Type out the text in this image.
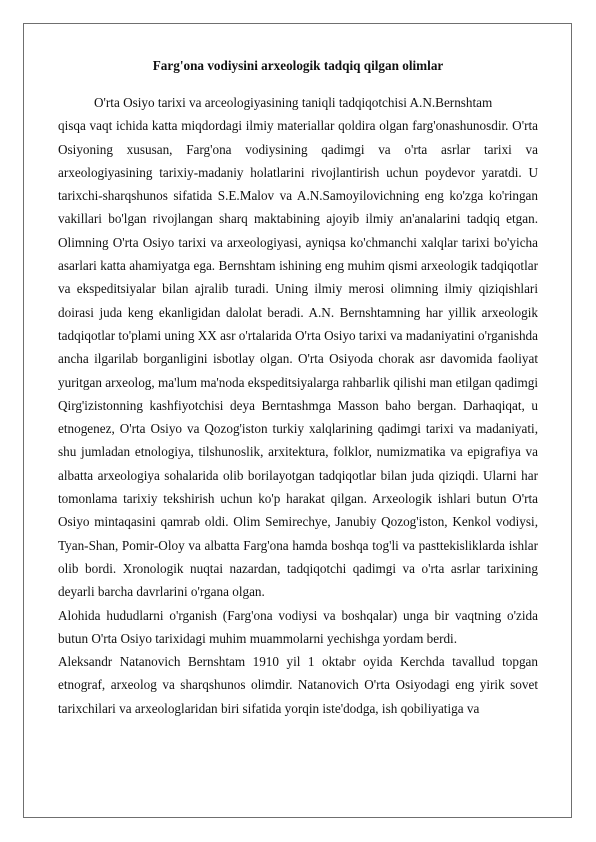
Farg'ona vodiysini arxeologik tadqiq qilgan olimlar

O'rta Osiyo tarixi va arceologiyasining taniqli tadqiqotchisi A.N.Bernshtam

qisqa vaqt ichida katta miqdordagi ilmiy materiallar qoldira olgan farg'onashunosdir. O'rta Osiyoning xususan, Farg'ona vodiysining qadimgi va o'rta asrlar tarixi va arxeologiyasining tarixiy-madaniy holatlarini rivojlantirish uchun poydevor yaratdi. U tarixchi-sharqshunos sifatida S.E.Malov va A.N.Samoyilovichning eng ko'zga ko'ringan vakillari bo'lgan rivojlangan sharq maktabining ajoyib ilmiy an'analarini tadqiq etgan. Olimning O'rta Osiyo tarixi va arxeologiyasi, ayniqsa ko'chmanchi xalqlar tarixi bo'yicha asarlari katta ahamiyatga ega. Bernshtam ishining eng muhim qismi arxeologik tadqiqotlar va ekspeditsiyalar bilan ajralib turadi. Uning ilmiy merosi olimning ilmiy qiziqishlari doirasi juda keng ekanligidan dalolat beradi. A.N. Bernshtamning har yillik arxeologik tadqiqotlar to'plami uning XX asr o'rtalarida O'rta Osiyo tarixi va madaniyatini o'rganishda ancha ilgarilab borganligini isbotlay olgan. O'rta Osiyoda chorak asr davomida faoliyat yuritgan arxeolog, ma'lum ma'noda ekspeditsiyalarga rahbarlik qilishi man etilgan qadimgi Qirg'izistonning kashfiyotchisi deya Berntashmga Masson baho bergan. Darhaqiqat, u etnogenez, O'rta Osiyo va Qozog'iston turkiy xalqlarining qadimgi tarixi va madaniyati, shu jumladan etnologiya, tilshunoslik, arxitektura, folklor, numizmatika va epigrafiya va albatta arxeologiya sohalarida olib borilayotgan tadqiqotlar bilan juda qiziqdi. Ularni har tomonlama tarixiy tekshirish uchun ko'p harakat qilgan. Arxeologik ishlari butun O'rta Osiyo mintaqasini qamrab oldi. Olim Semirechye, Janubiy Qozog'iston, Kenkol vodiysi, Tyan-Shan, Pomir-Oloy va albatta Farg'ona hamda boshqa tog'li va pasttekisliklarda ishlar olib bordi. Xronologik nuqtai nazardan, tadqiqotchi qadimgi va o'rta asrlar tarixining deyarli barcha davrlarini o'rgana olgan.

Alohida hududlarni o'rganish (Farg'ona vodiysi va boshqalar) unga bir vaqtning o'zida butun O'rta Osiyo tarixidagi muhim muammolarni yechishga yordam berdi.

Aleksandr Natanovich Bernshtam 1910 yil 1 oktabr oyida Kerchda tavallud topgan etnograf, arxeolog va sharqshunos olimdir. Natanovich O'rta Osiyodagi eng yirik sovet tarixchilari va arxeologlaridan biri sifatida yorqin iste'dodga, ish qobiliyatiga va
